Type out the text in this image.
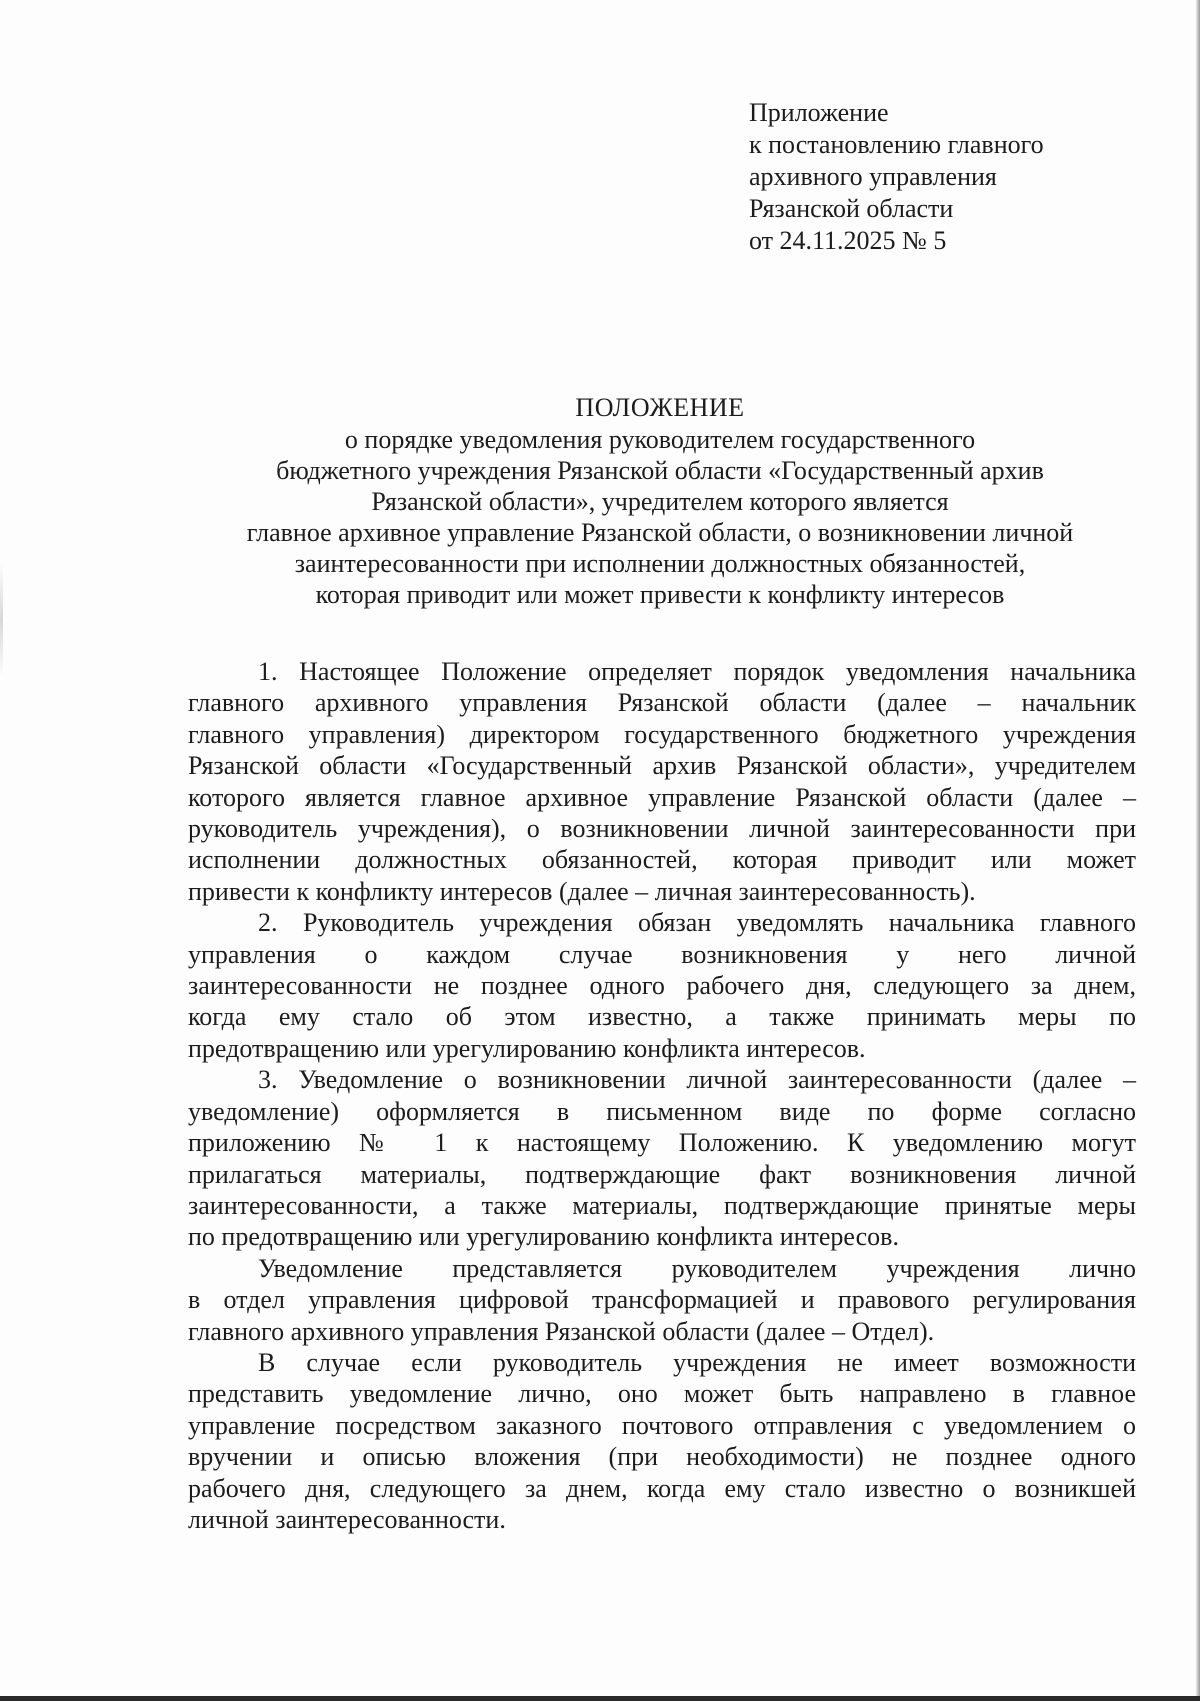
Приложение
к постановлению главного
архивного управления
Рязанской области
от 24.11.2025 № 5
ПОЛОЖЕНИЕ
о порядке уведомления руководителем государственного
бюджетного учреждения Рязанской области «Государственный архив
Рязанской области», учредителем которого является
главное архивное управление Рязанской области, о возникновении личной
заинтересованности при исполнении должностных обязанностей,
которая приводит или может привести к конфликту интересов
1. Настоящее Положение определяет порядок уведомления начальника
главного архивного управления Рязанской области (далее – начальник
главного управления) директором государственного бюджетного учреждения
Рязанской области «Государственный архив Рязанской области», учредителем
которого является главное архивное управление Рязанской области (далее –
руководитель учреждения), о возникновении личной заинтересованности при
исполнении должностных обязанностей, которая приводит или может
привести к конфликту интересов (далее – личная заинтересованность).
2. Руководитель учреждения обязан уведомлять начальника главного
управления о каждом случае возникновения у него личной
заинтересованности не позднее одного рабочего дня, следующего за днем,
когда ему стало об этом известно, а также принимать меры по
предотвращению или урегулированию конфликта интересов.
3. Уведомление о возникновении личной заинтересованности (далее –
уведомление) оформляется в письменном виде по форме согласно
приложению № 1 к настоящему Положению. К уведомлению могут
прилагаться материалы, подтверждающие факт возникновения личной
заинтересованности, а также материалы, подтверждающие принятые меры
по предотвращению или урегулированию конфликта интересов.
Уведомление представляется руководителем учреждения лично
в отдел управления цифровой трансформацией и правового регулирования
главного архивного управления Рязанской области (далее – Отдел).
В случае если руководитель учреждения не имеет возможности
представить уведомление лично, оно может быть направлено в главное
управление посредством заказного почтового отправления с уведомлением о
вручении и описью вложения (при необходимости) не позднее одного
рабочего дня, следующего за днем, когда ему стало известно о возникшей
личной заинтересованности.
